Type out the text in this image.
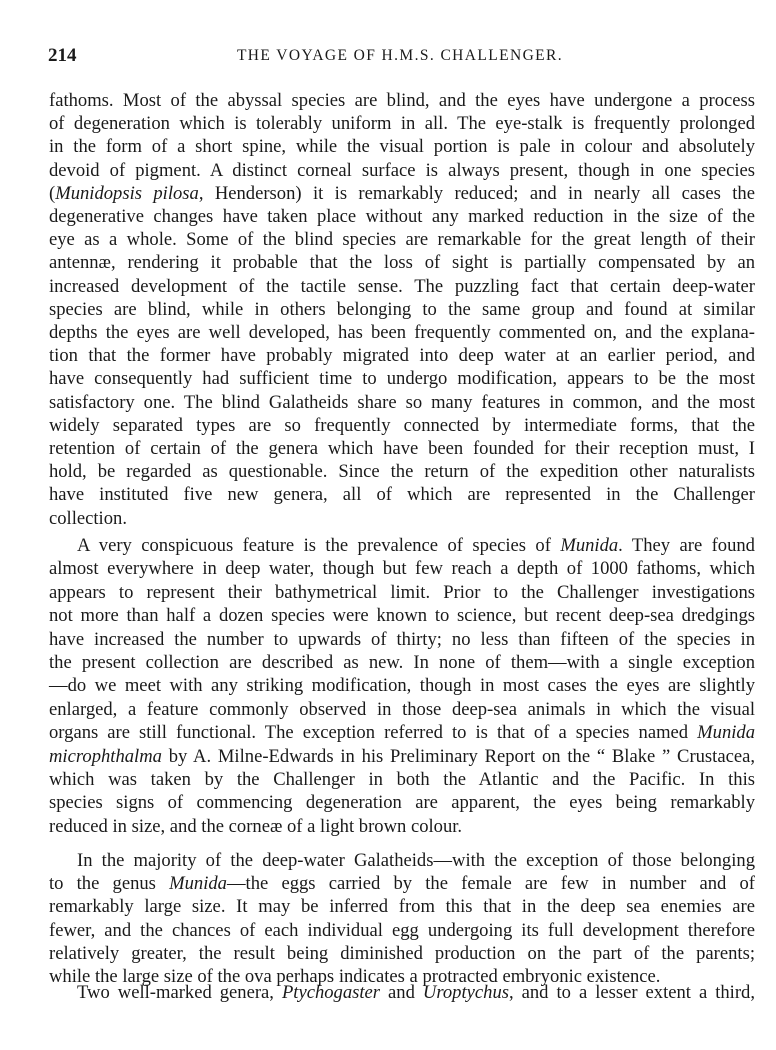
214	THE VOYAGE OF H.M.S. CHALLENGER.
fathoms. Most of the abyssal species are blind, and the eyes have undergone a process
of degeneration which is tolerably uniform in all. The eye-stalk is frequently prolonged
in the form of a short spine, while the visual portion is pale in colour and absolutely
devoid of pigment. A distinct corneal surface is always present, though in one species
(Munidopsis pilosa, Henderson) it is remarkably reduced; and in nearly all cases the
degenerative changes have taken place without any marked reduction in the size of the
eye as a whole. Some of the blind species are remarkable for the great length of their
antennæ, rendering it probable that the loss of sight is partially compensated by an
increased development of the tactile sense. The puzzling fact that certain deep-water
species are blind, while in others belonging to the same group and found at similar
depths the eyes are well developed, has been frequently commented on, and the explana-
tion that the former have probably migrated into deep water at an earlier period, and
have consequently had sufficient time to undergo modification, appears to be the most
satisfactory one. The blind Galatheids share so many features in common, and the most
widely separated types are so frequently connected by intermediate forms, that the
retention of certain of the genera which have been founded for their reception must, I
hold, be regarded as questionable. Since the return of the expedition other naturalists
have instituted five new genera, all of which are represented in the Challenger
collection.
A very conspicuous feature is the prevalence of species of Munida. They are found
almost everywhere in deep water, though but few reach a depth of 1000 fathoms, which
appears to represent their bathymetrical limit. Prior to the Challenger investigations
not more than half a dozen species were known to science, but recent deep-sea dredgings
have increased the number to upwards of thirty; no less than fifteen of the species in
the present collection are described as new. In none of them—with a single exception
—do we meet with any striking modification, though in most cases the eyes are slightly
enlarged, a feature commonly observed in those deep-sea animals in which the visual
organs are still functional. The exception referred to is that of a species named Munida
microphthalma by A. Milne-Edwards in his Preliminary Report on the “ Blake ” Crustacea,
which was taken by the Challenger in both the Atlantic and the Pacific. In this
species signs of commencing degeneration are apparent, the eyes being remarkably
reduced in size, and the corneæ of a light brown colour.
In the majority of the deep-water Galatheids—with the exception of those belonging
to the genus Munida—the eggs carried by the female are few in number and of
remarkably large size. It may be inferred from this that in the deep sea enemies are
fewer, and the chances of each individual egg undergoing its full development therefore
relatively greater, the result being diminished production on the part of the parents;
while the large size of the ova perhaps indicates a protracted embryonic existence.
Two well-marked genera, Ptychogaster and Uroptychus, and to a lesser extent a third,
